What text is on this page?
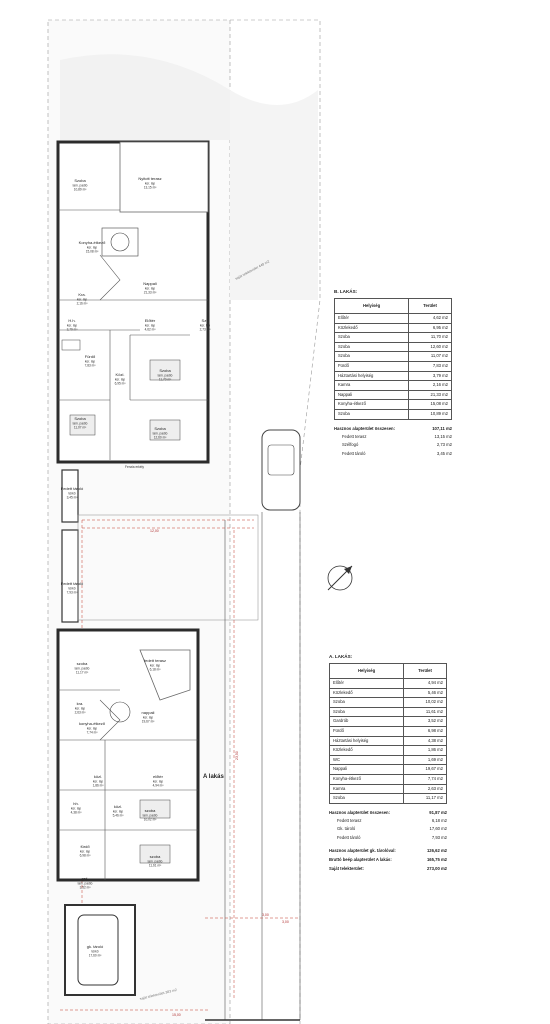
Szoba
lam. padló
10,89 m²
Nyitott terasz
ker. lap
13,15 m²
Konyha-étkező
ker. lap
15,08 m²
Nappali
ker. lap
21,33 m²
Kra.
ker. lap
2,16 m²
H.h.
ker. lap
3,79 m²
Előtér
ker. lap
4,62 m²
Szf.
ker. lap
2,73 m²
Fürdő
ker. lap
7,83 m²
Szoba
lam. padló
11,70 m²
Közl.
ker. lap
6,95 m²
Szoba
lam. padló
11,07 m²	Szoba
lam. padló
12,60 m²
Fedett tároló
térkő
3,45 m²
Fedett tároló
térkő
7,93 m²
szoba
lam. padló
11,17 m²
fedett terasz
ker. lap
6,18 m²
kra.
ker. lap
2,63 m²
konyha-étkező
ker. lap
7,74 m²
nappali
ker. lap
19,67 m²
előtér
ker. lap
4,94 m²
közl.
ker. lap
1,86 m²
hh.
ker. lap
4,38 m²
közl.
ker. lap
5,46 m²
szoba
lam. padló
10,02 m²
fürdő
ker. lap
6,98 m²	szoba
lam. padló
11,61 m²
grd.
lam. padló
3,52 m²
gk. tároló
térkő
17,60 m²
A lakás
saját telekterület 449 m2
saját telekterület 383 m2
Fenzia erkély
12,00
23,50
3,00
3,00
15,00
B. LAKÁS:
Helyiség	Terület
Előtér	4,62 m2
Közlekedő	6,95 m2
Szoba	11,70 m2
Szoba	12,60 m2
Szoba	11,07 m2
Fürdő	7,83 m2
Háztartási helyiség	3,79 m2
Kamra	2,16 m2
Nappali	21,33 m2
Konyha-étkező	15,08 m2
Szoba	10,89 m2
Hasznos alapterület összesen:	107,11 m2
Fedett terasz	13,15 m2
Szélfogó	2,73 m2
Fedett tároló	3,45 m2
A. LAKÁS:
Helyiség	Terület
Előtér	4,94 m2
Közlekedő	5,46 m2
Szoba	10,02 m2
Szoba	11,61 m2
Gardrób	3,52 m2
Fürdő	6,98 m2
Háztartási helyiség	4,38 m2
Közlekedő	1,86 m2
WC	1,69 m2
Nappali	19,67 m2
Konyha-étkező	7,74 m2
Kamra	2,63 m2
Szoba	11,17 m2
Hasznos alapterület összesen:	91,87 m2
Fedett terasz	6,18 m2
Gk. tároló	17,60 m2
Fedett tároló	7,93 m2
Hasznos alapterület gk. tárolóval:	126,62 m2
Bruttó beép alapterület A lakás:	165,75 m2
Saját telekterület:	273,00 m2
